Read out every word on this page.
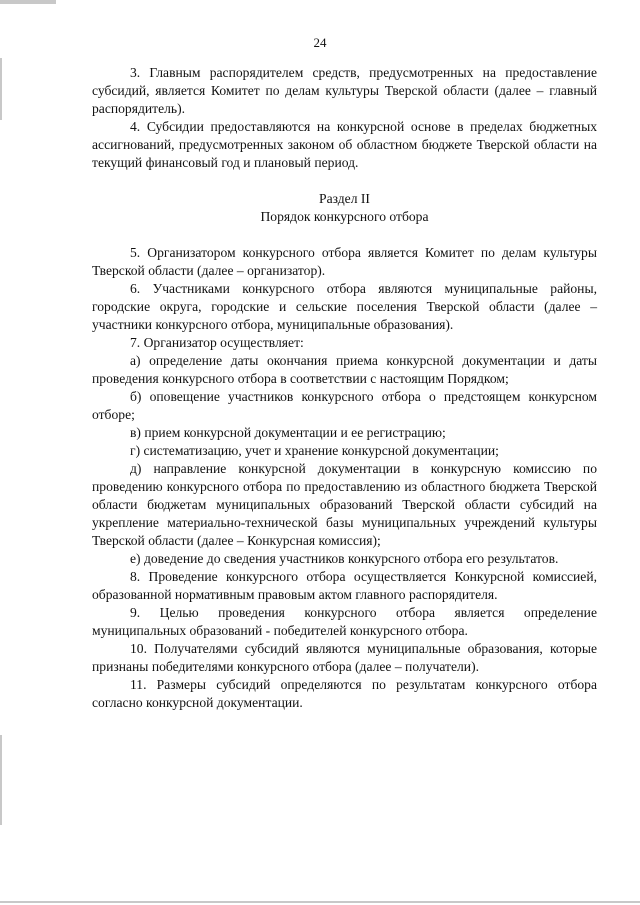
24

3. Главным распорядителем средств, предусмотренных на предоставление субсидий, является Комитет по делам культуры Тверской области (далее – главный распорядитель).

4. Субсидии предоставляются на конкурсной основе в пределах бюджетных ассигнований, предусмотренных законом об областном бюджете Тверской области на текущий финансовый год и плановый период.

Раздел II

Порядок конкурсного отбора

5. Организатором конкурсного отбора является Комитет по делам культуры Тверской области (далее – организатор).

6. Участниками конкурсного отбора являются муниципальные районы, городские округа, городские и сельские поселения Тверской области (далее – участники конкурсного отбора, муниципальные образования).

7. Организатор осуществляет:

а) определение даты окончания приема конкурсной документации и даты проведения конкурсного отбора в соответствии с настоящим Порядком;

б) оповещение участников конкурсного отбора о предстоящем конкурсном отборе;

в) прием конкурсной документации и ее регистрацию;

г) систематизацию, учет и хранение конкурсной документации;

д) направление конкурсной документации в конкурсную комиссию по проведению конкурсного отбора по предоставлению из областного бюджета Тверской области бюджетам муниципальных образований Тверской области субсидий на укрепление материально-технической базы муниципальных учреждений культуры Тверской области (далее – Конкурсная комиссия);

е) доведение до сведения участников конкурсного отбора его результатов.

8. Проведение конкурсного отбора осуществляется Конкурсной комиссией, образованной нормативным правовым актом главного распорядителя.

9. Целью проведения конкурсного отбора является определение муниципальных образований - победителей конкурсного отбора.

10. Получателями субсидий являются муниципальные образования, которые признаны победителями конкурсного отбора (далее – получатели).

11. Размеры субсидий определяются по результатам конкурсного отбора согласно конкурсной документации.
